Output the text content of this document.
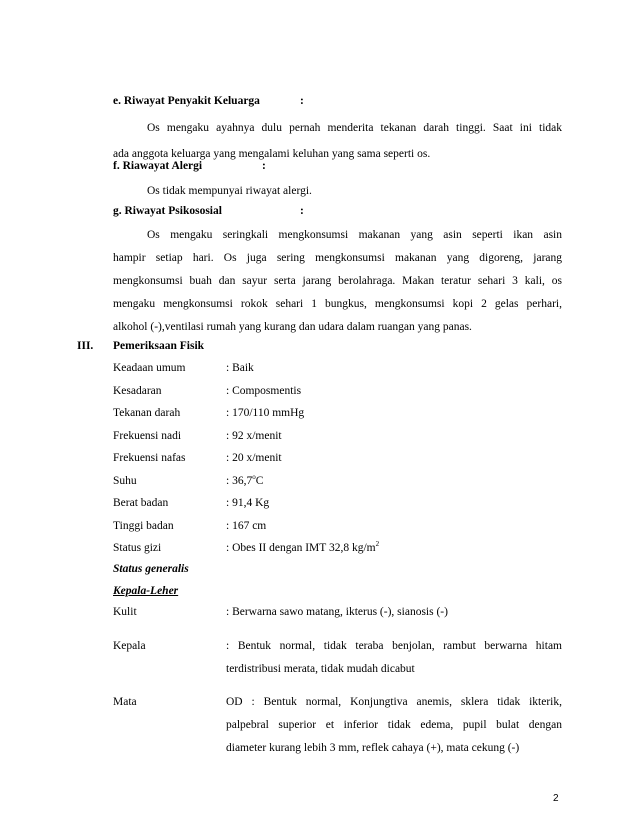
e. Riwayat Penyakit Keluarga	:
Os mengaku ayahnya dulu pernah menderita tekanan darah tinggi. Saat ini tidak
ada anggota keluarga yang mengalami keluhan yang sama seperti os.
f. Riawayat Alergi	:
Os tidak mempunyai riwayat alergi.
g. Riwayat Psikososial	:
Os mengaku seringkali mengkonsumsi makanan yang asin seperti ikan asin
hampir setiap hari. Os juga sering mengkonsumsi makanan yang digoreng, jarang
mengkonsumsi buah dan sayur serta jarang berolahraga. Makan teratur sehari 3 kali, os
mengaku mengkonsumsi rokok sehari 1 bungkus, mengkonsumsi kopi 2 gelas perhari,
alkohol (-),ventilasi rumah yang kurang dan udara dalam ruangan yang panas.
III. Pemeriksaan Fisik
Keadaan umum	: Baik
Kesadaran	: Composmentis
Tekanan darah	: 170/110 mmHg
Frekuensi nadi	: 92 x/menit
Frekuensi nafas	: 20 x/menit
Suhu	: 36,7$^o$C
Berat badan	: 91,4 Kg
Tinggi badan	: 167 cm
Status gizi	: Obes II dengan IMT 32,8 $kg/m^2$
Status generalis
Kepala-Leher
Kulit	: Berwarna sawo matang, ikterus (-), sianosis (-)
Kepala	: Bentuk normal, tidak teraba benjolan, rambut berwarna hitam
terdistribusi merata, tidak mudah dicabut
Mata	OD : Bentuk normal, Konjungtiva anemis, sklera tidak ikterik,
palpebral superior et inferior tidak edema, pupil bulat dengan
diameter kurang lebih 3 mm, reflek cahaya (+), mata cekung (-)
2
